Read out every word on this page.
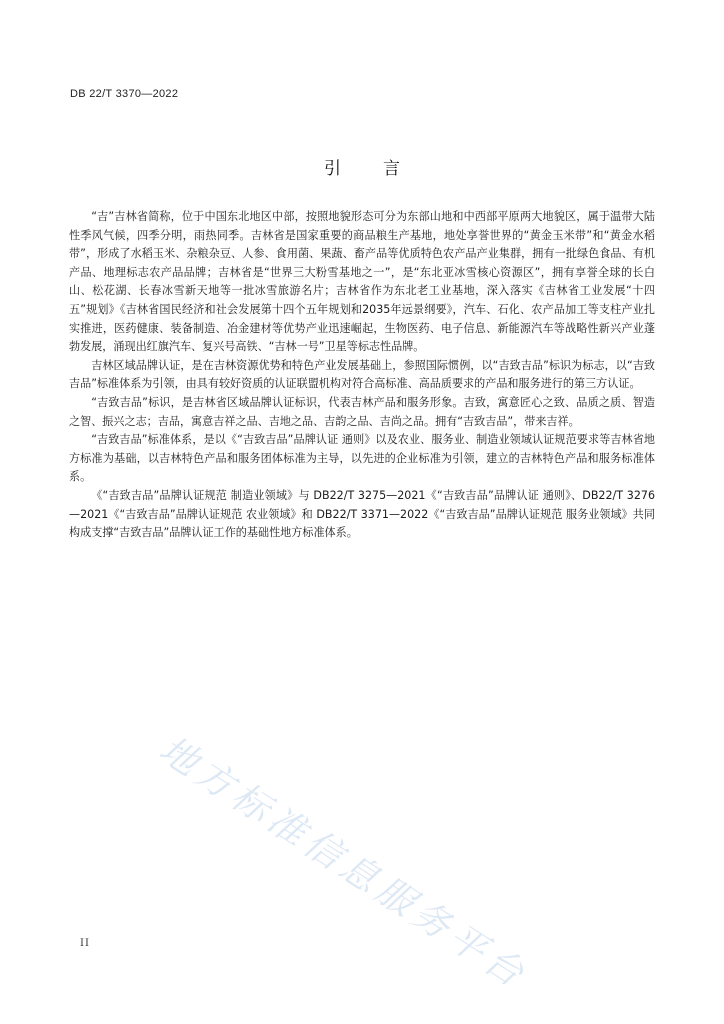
DB 22/T 3370—2022
引言

“吉”吉林省简称，位于中国东北地区中部，按照地貌形态可分为东部山地和中西部平原两大地貌区，属于温带大陆性季风气候，四季分明，雨热同季。吉林省是国家重要的商品粮生产基地，地处享誉世界的“黄金玉米带”和“黄金水稻带”，形成了水稻玉米、杂粮杂豆、人参、食用菌、果蔬、畜产品等优质特色农产品产业集群，拥有一批绿色食品、有机产品、地理标志农产品品牌；吉林省是“世界三大粉雪基地之一”，是“东北亚冰雪核心资源区”，拥有享誉全球的长白山、松花湖、长春冰雪新天地等一批冰雪旅游名片；吉林省作为东北老工业基地，深入落实《吉林省工业发展“十四五”规划》《吉林省国民经济和社会发展第十四个五年规划和2035年远景纲要》，汽车、石化、农产品加工等支柱产业扎实推进，医药健康、装备制造、冶金建材等优势产业迅速崛起，生物医药、电子信息、新能源汽车等战略性新兴产业蓬勃发展，涌现出红旗汽车、复兴号高铁、“吉林一号”卫星等标志性品牌。

吉林区域品牌认证，是在吉林资源优势和特色产业发展基础上，参照国际惯例，以“吉致吉品”标识为标志，以“吉致吉品”标准体系为引领，由具有较好资质的认证联盟机构对符合高标准、高品质要求的产品和服务进行的第三方认证。

“吉致吉品”标识，是吉林省区域品牌认证标识，代表吉林产品和服务形象。吉致，寓意匠心之致、品质之质、智造之智、振兴之志；吉品，寓意吉祥之品、吉地之品、吉韵之品、吉尚之品。拥有“吉致吉品”，带来吉祥。

“吉致吉品”标准体系，是以《“吉致吉品”品牌认证 通则》以及农业、服务业、制造业领域认证规范要求等吉林省地方标准为基础，以吉林特色产品和服务团体标准为主导，以先进的企业标准为引领，建立的吉林特色产品和服务标准体系。

《“吉致吉品”品牌认证规范 制造业领域》与 DB22/T 3275—2021《“吉致吉品”品牌认证 通则》、DB22/T 3276—2021《“吉致吉品”品牌认证规范 农业领域》和 DB22/T 3371—2022《“吉致吉品”品牌认证规范 服务业领域》共同构成支撑“吉致吉品”品牌认证工作的基础性地方标准体系。

地方标准信息服务平台
II
